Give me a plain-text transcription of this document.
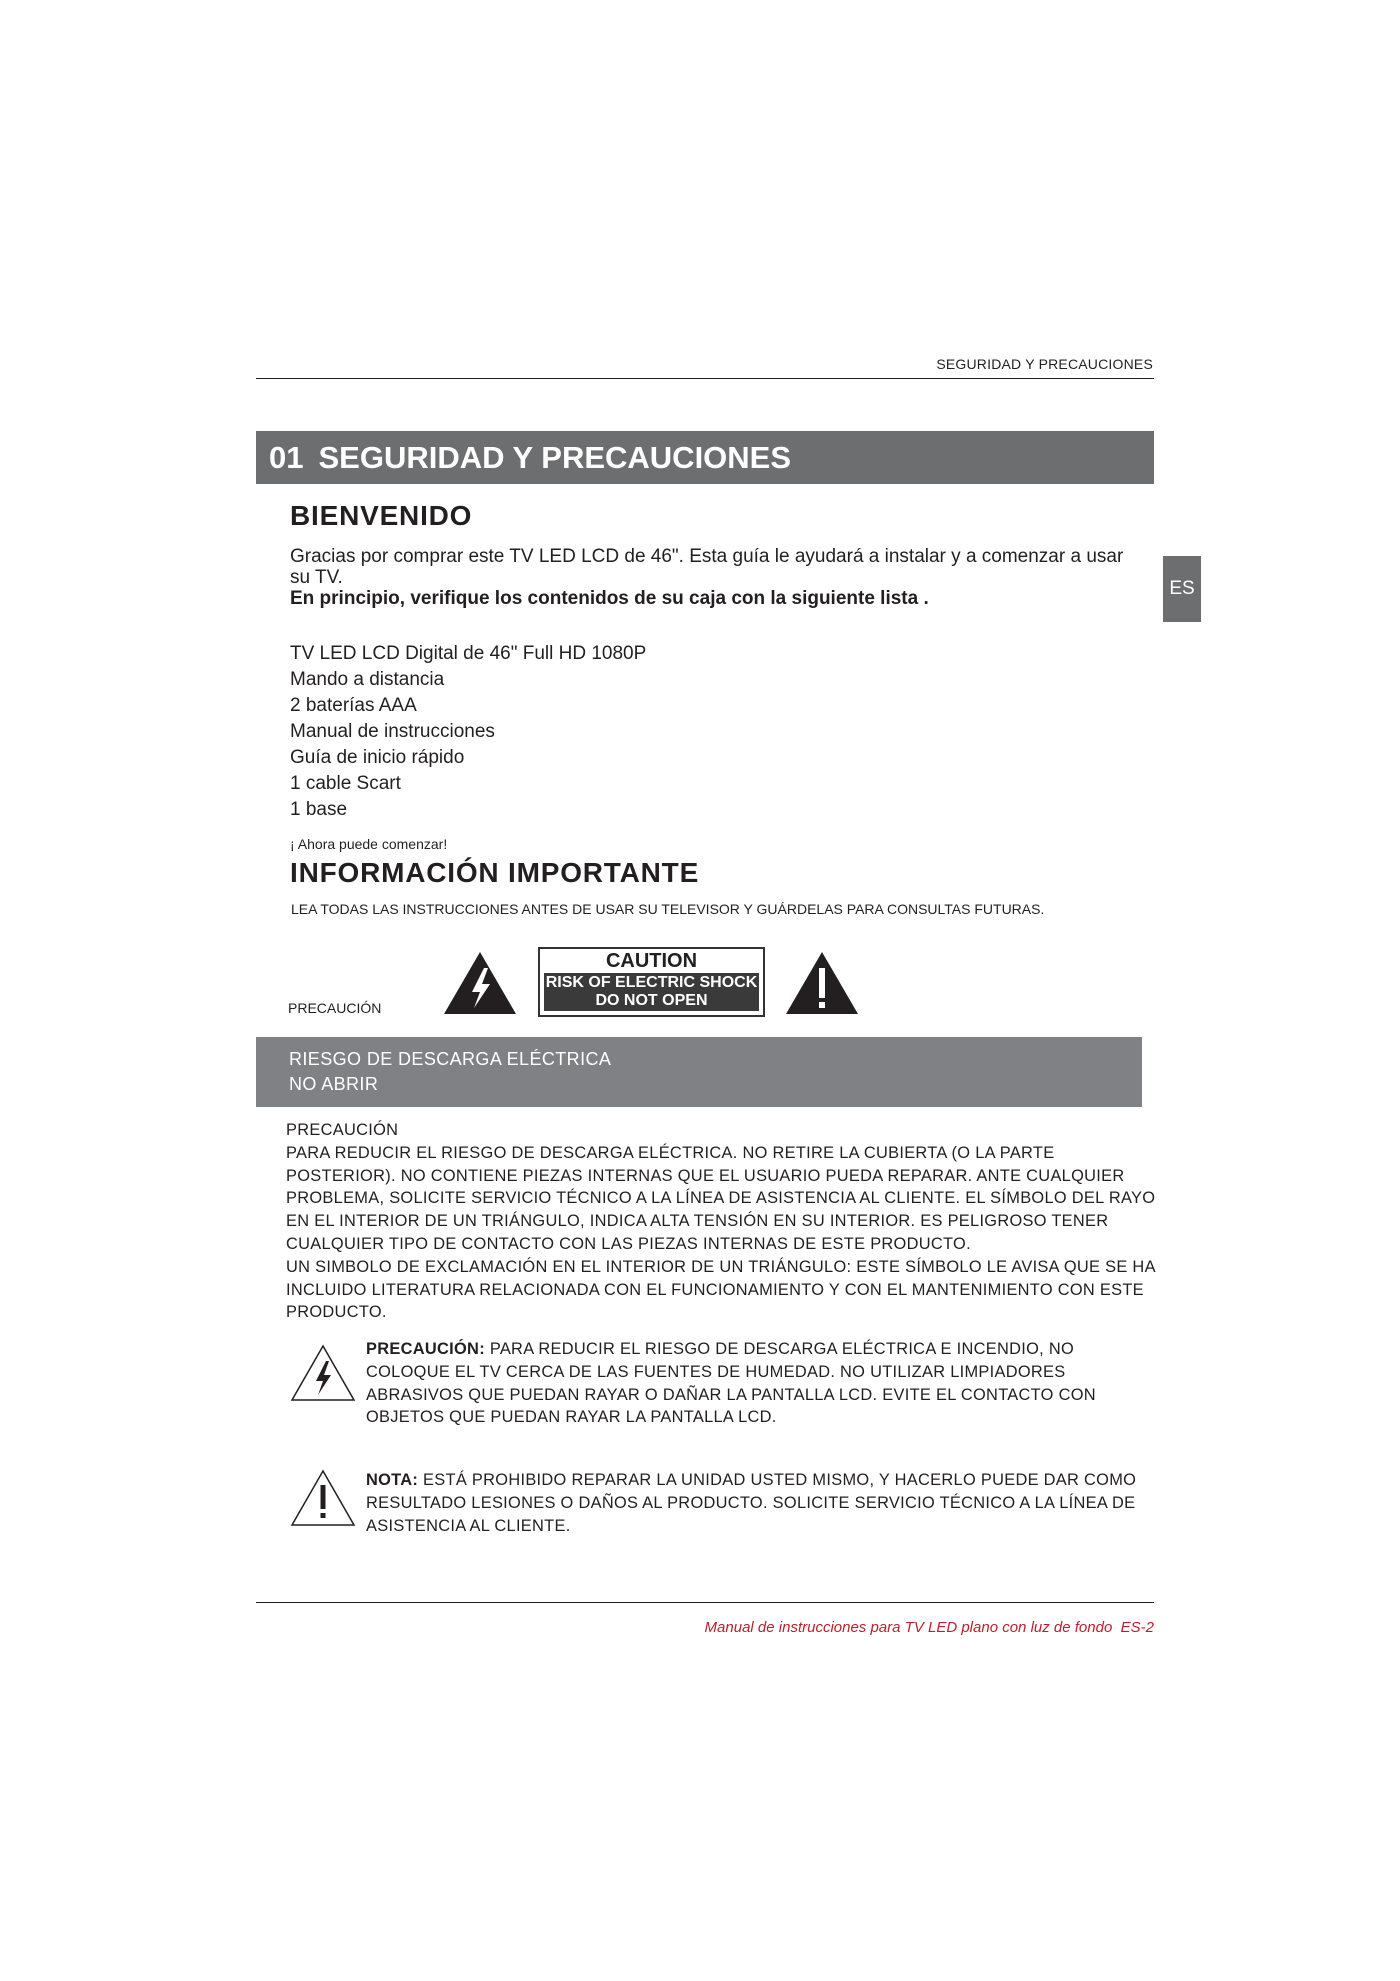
SEGURIDAD Y PRECAUCIONES
01 SEGURIDAD Y PRECAUCIONES
ES
BIENVENIDO
Gracias por comprar este TV LED LCD de 46". Esta guía le ayudará a instalar y a comenzar a usar su TV.
En principio, verifique los contenidos de su caja con la siguiente lista .
TV LED LCD Digital de 46" Full HD 1080P
Mando a distancia
2 baterías AAA
Manual de instrucciones
Guía de inicio rápido
1 cable Scart
1 base
¡ Ahora puede comenzar!
INFORMACIÓN IMPORTANTE
LEA TODAS LAS INSTRUCCIONES ANTES DE USAR SU TELEVISOR Y GUÁRDELAS PARA CONSULTAS FUTURAS.
PRECAUCIÓN
CAUTION
RISK OF ELECTRIC SHOCK
DO NOT OPEN
RIESGO DE DESCARGA ELÉCTRICA
NO ABRIR
PRECAUCIÓN
PARA REDUCIR EL RIESGO DE DESCARGA ELÉCTRICA. NO RETIRE LA CUBIERTA (O LA PARTE POSTERIOR). NO CONTIENE PIEZAS INTERNAS QUE EL USUARIO PUEDA REPARAR. ANTE CUALQUIER PROBLEMA, SOLICITE SERVICIO TÉCNICO A LA LÍNEA DE ASISTENCIA AL CLIENTE. EL SÍMBOLO DEL RAYO EN EL INTERIOR DE UN TRIÁNGULO, INDICA ALTA TENSIÓN EN SU INTERIOR. ES PELIGROSO TENER CUALQUIER TIPO DE CONTACTO CON LAS PIEZAS INTERNAS DE ESTE PRODUCTO.
UN SIMBOLO DE EXCLAMACIÓN EN EL INTERIOR DE UN TRIÁNGULO: ESTE SÍMBOLO LE AVISA QUE SE HA INCLUIDO LITERATURA RELACIONADA CON EL FUNCIONAMIENTO Y CON EL MANTENIMIENTO CON ESTE PRODUCTO.
PRECAUCIÓN: PARA REDUCIR EL RIESGO DE DESCARGA ELÉCTRICA E INCENDIO, NO COLOQUE EL TV CERCA DE LAS FUENTES DE HUMEDAD. NO UTILIZAR LIMPIADORES ABRASIVOS QUE PUEDAN RAYAR O DAÑAR LA PANTALLA LCD. EVITE EL CONTACTO CON OBJETOS QUE PUEDAN RAYAR LA PANTALLA LCD.
NOTA: ESTÁ PROHIBIDO REPARAR LA UNIDAD USTED MISMO, Y HACERLO PUEDE DAR COMO RESULTADO LESIONES O DAÑOS AL PRODUCTO. SOLICITE SERVICIO TÉCNICO A LA LÍNEA DE ASISTENCIA AL CLIENTE.
Manual de instrucciones para TV LED plano con luz de fondo ES-2
